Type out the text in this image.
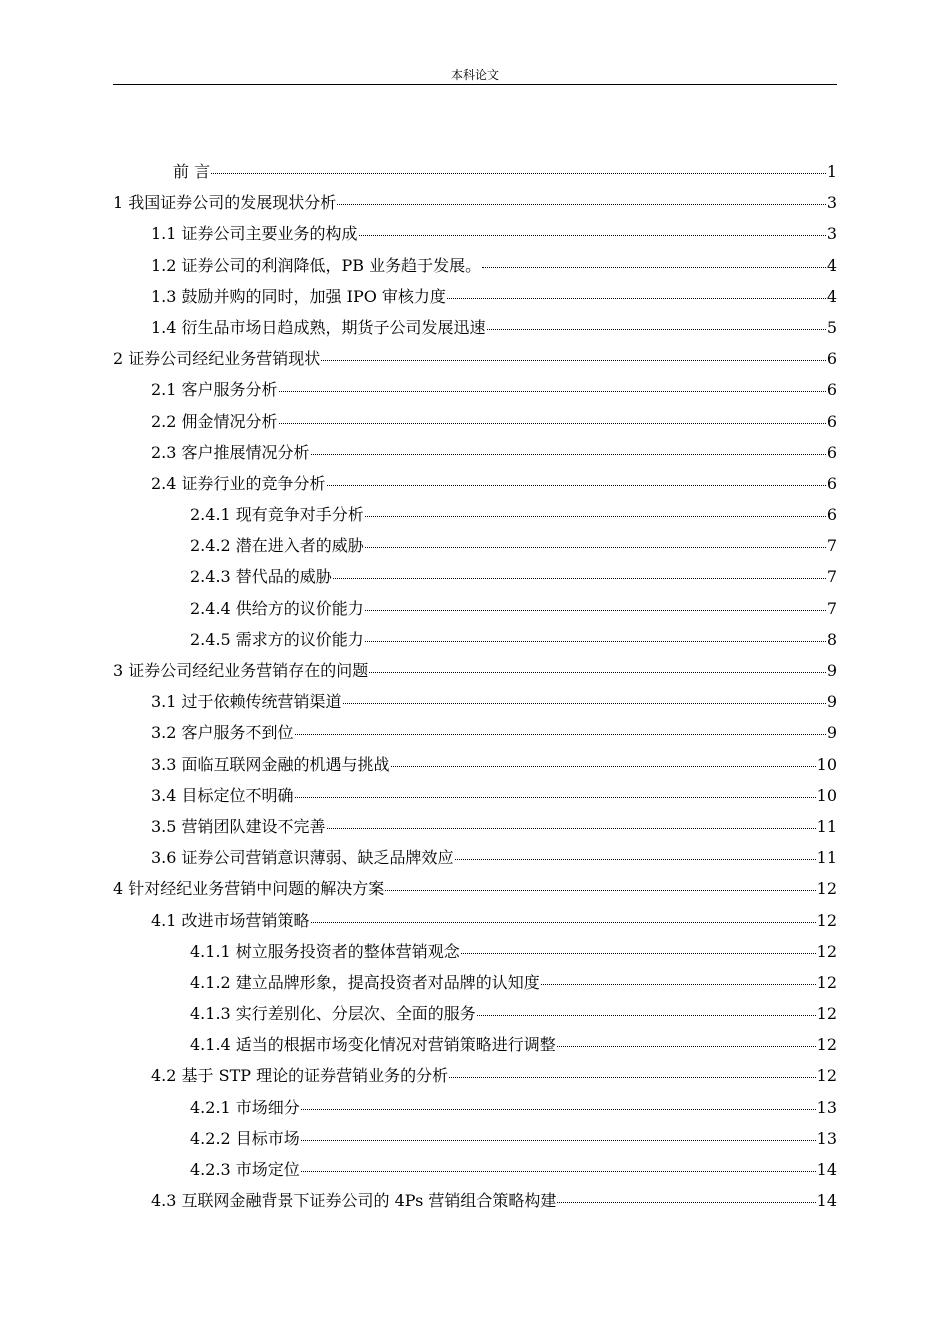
本科论文
前 言	1
1 我国证券公司的发展现状分析	3
1.1 证券公司主要业务的构成	3
1.2 证券公司的利润降低，PB 业务趋于发展。	4
1.3 鼓励并购的同时，加强 IPO 审核力度	4
1.4 衍生品市场日趋成熟，期货子公司发展迅速	5
2 证券公司经纪业务营销现状	6
2.1 客户服务分析	6
2.2 佣金情况分析	6
2.3 客户推展情况分析	6
2.4 证券行业的竞争分析	6
2.4.1 现有竞争对手分析	6
2.4.2 潜在进入者的威胁	7
2.4.3 替代品的威胁	7
2.4.4 供给方的议价能力	7
2.4.5 需求方的议价能力	8
3 证券公司经纪业务营销存在的问题	9
3.1 过于依赖传统营销渠道	9
3.2 客户服务不到位	9
3.3 面临互联网金融的机遇与挑战	10
3.4 目标定位不明确	10
3.5 营销团队建设不完善	11
3.6 证券公司营销意识薄弱、缺乏品牌效应	11
4 针对经纪业务营销中问题的解决方案	12
4.1 改进市场营销策略	12
4.1.1 树立服务投资者的整体营销观念	12
4.1.2 建立品牌形象，提高投资者对品牌的认知度	12
4.1.3 实行差别化、分层次、全面的服务	12
4.1.4 适当的根据市场变化情况对营销策略进行调整	12
4.2 基于 STP 理论的证券营销业务的分析	12
4.2.1 市场细分	13
4.2.2 目标市场	13
4.2.3 市场定位	14
4.3 互联网金融背景下证券公司的 4Ps 营销组合策略构建	14
